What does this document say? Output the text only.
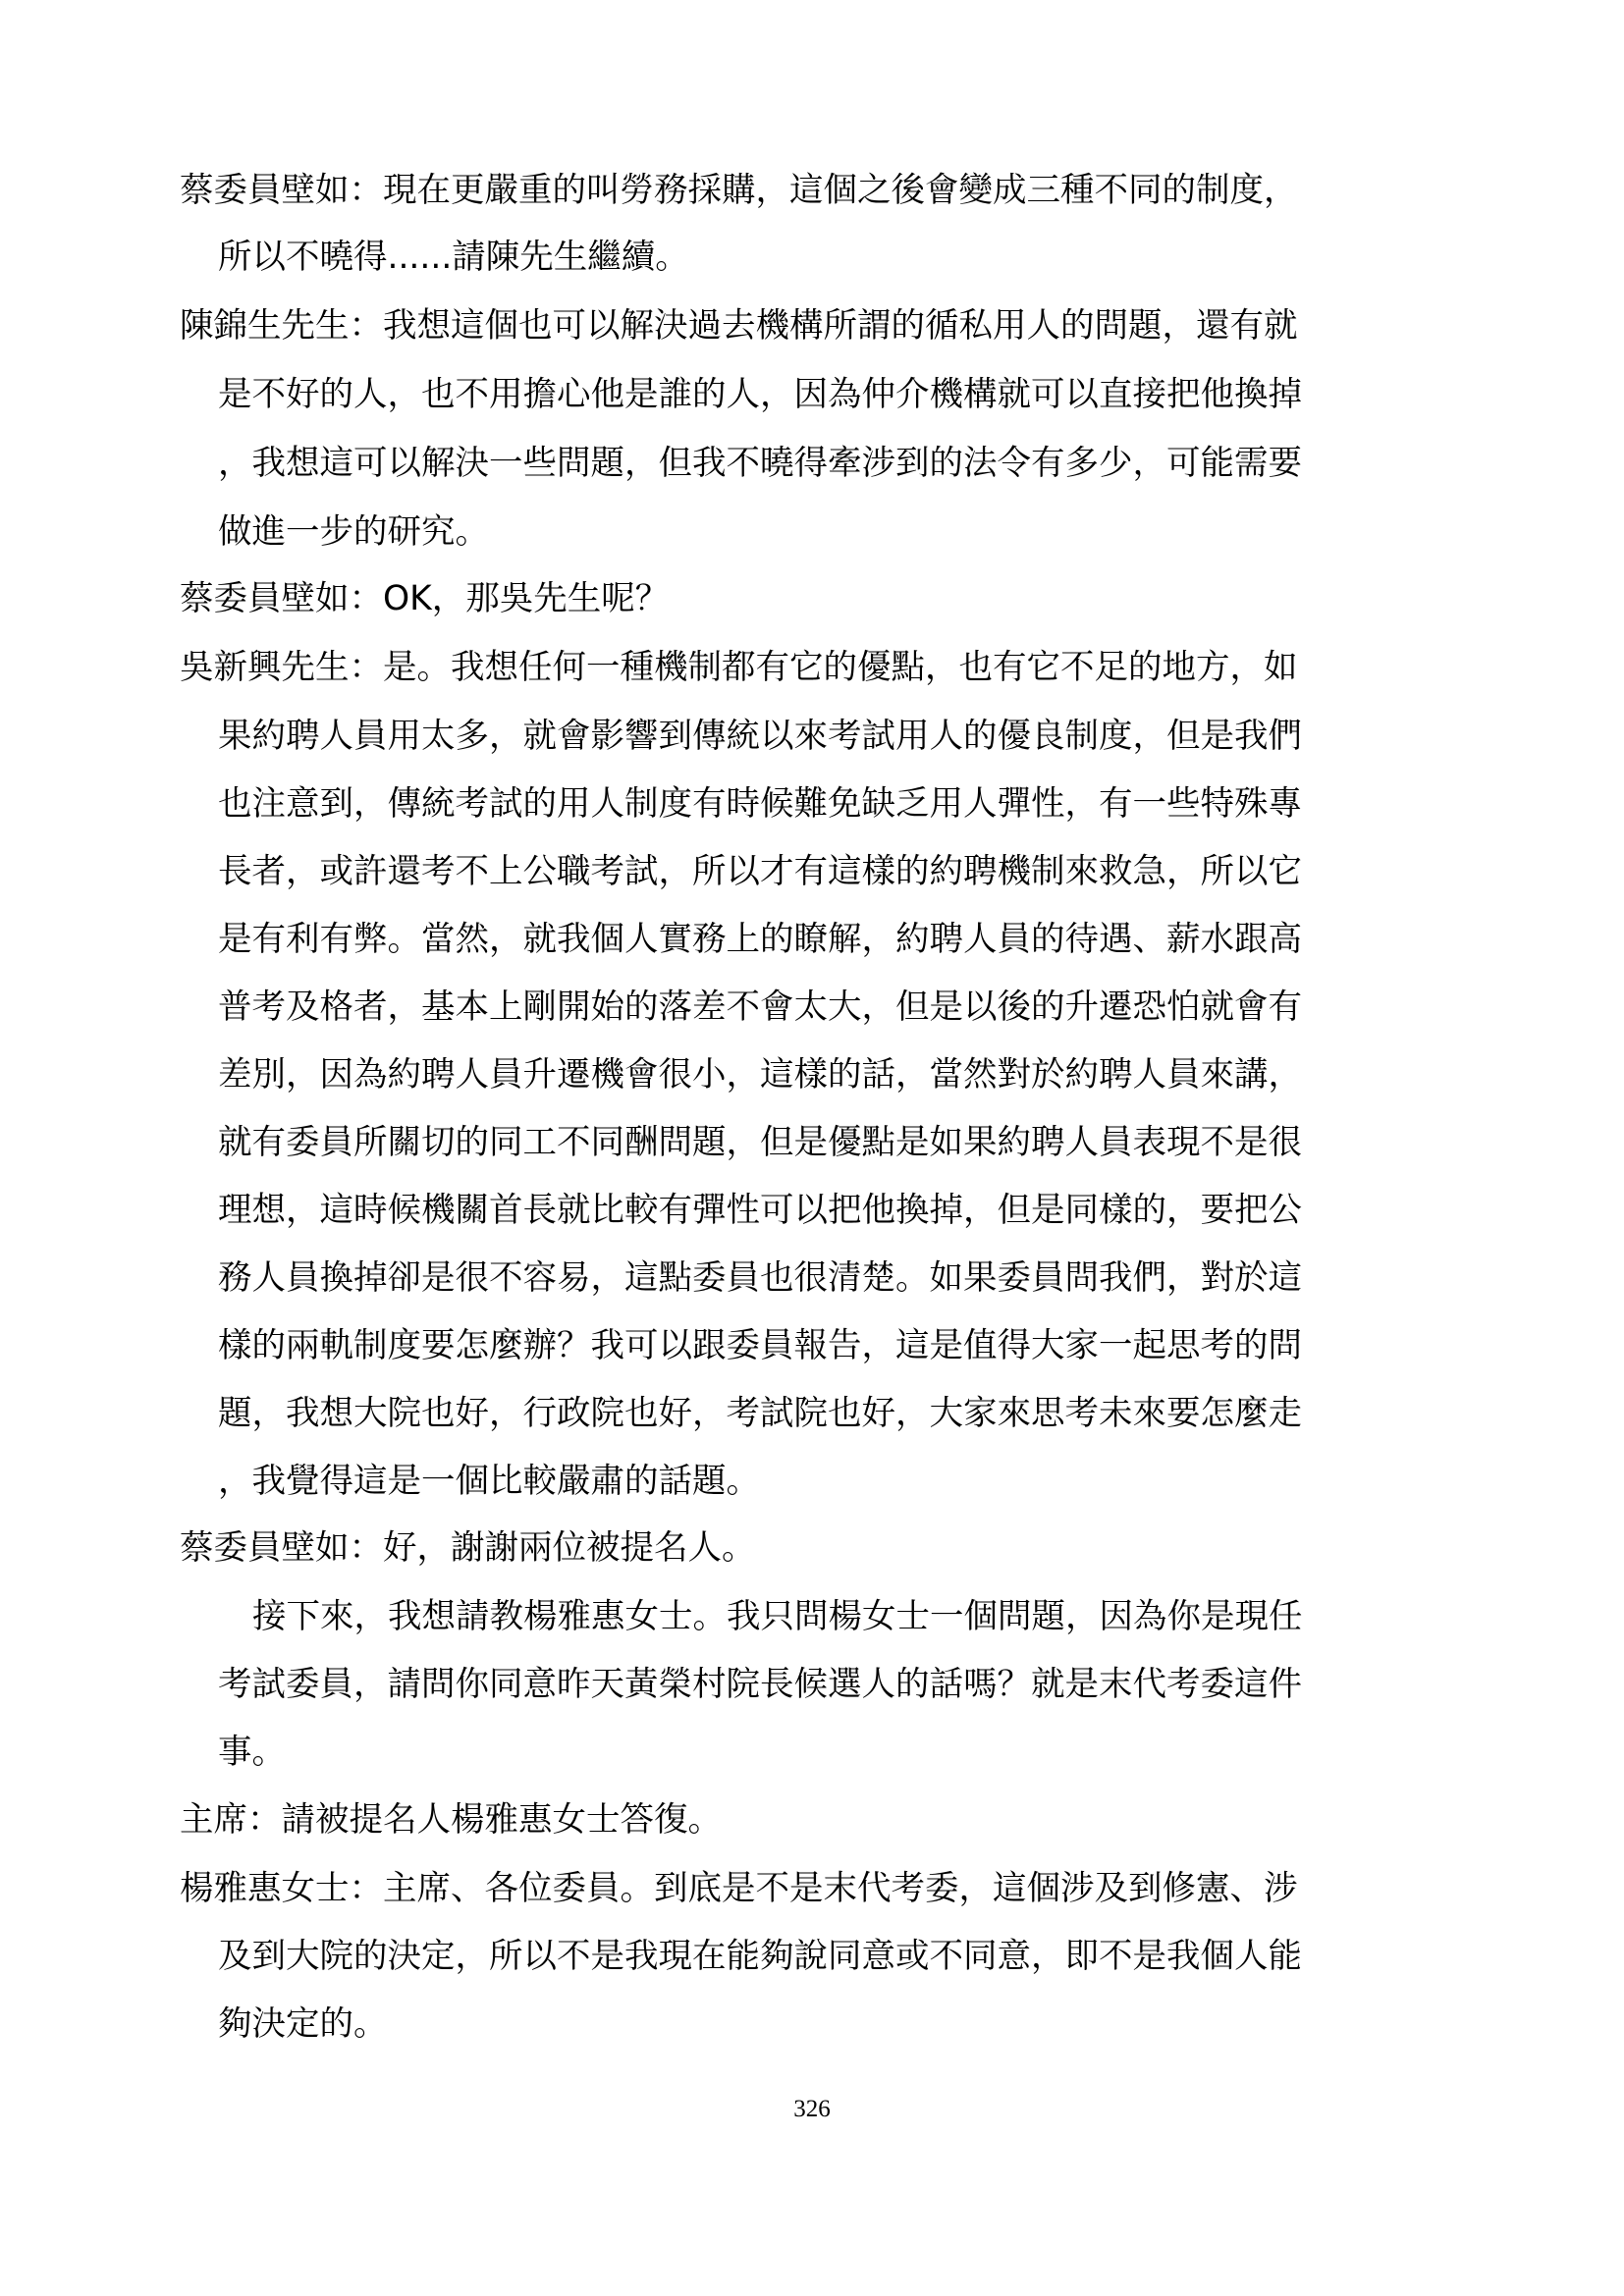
蔡委員壁如：現在更嚴重的叫勞務採購，這個之後會變成三種不同的制度，

所以不曉得......請陳先生繼續。

陳錦生先生：我想這個也可以解決過去機構所謂的循私用人的問題，還有就

是不好的人，也不用擔心他是誰的人，因為仲介機構就可以直接把他換掉

，我想這可以解決一些問題，但我不曉得牽涉到的法令有多少，可能需要

做進一步的研究。

蔡委員壁如：OK，那吳先生呢？

吳新興先生：是。我想任何一種機制都有它的優點，也有它不足的地方，如

果約聘人員用太多，就會影響到傳統以來考試用人的優良制度，但是我們

也注意到，傳統考試的用人制度有時候難免缺乏用人彈性，有一些特殊專

長者，或許還考不上公職考試，所以才有這樣的約聘機制來救急，所以它

是有利有弊。當然，就我個人實務上的瞭解，約聘人員的待遇、薪水跟高

普考及格者，基本上剛開始的落差不會太大，但是以後的升遷恐怕就會有

差別，因為約聘人員升遷機會很小，這樣的話，當然對於約聘人員來講，

就有委員所關切的同工不同酬問題，但是優點是如果約聘人員表現不是很

理想，這時候機關首長就比較有彈性可以把他換掉，但是同樣的，要把公

務人員換掉卻是很不容易，這點委員也很清楚。如果委員問我們，對於這

樣的兩軌制度要怎麼辦？我可以跟委員報告，這是值得大家一起思考的問

題，我想大院也好，行政院也好，考試院也好，大家來思考未來要怎麼走

，我覺得這是一個比較嚴肅的話題。

蔡委員壁如：好，謝謝兩位被提名人。

接下來，我想請教楊雅惠女士。我只問楊女士一個問題，因為你是現任

考試委員，請問你同意昨天黃榮村院長候選人的話嗎？就是末代考委這件

事。

主席：請被提名人楊雅惠女士答復。

楊雅惠女士：主席、各位委員。到底是不是末代考委，這個涉及到修憲、涉

及到大院的決定，所以不是我現在能夠說同意或不同意，即不是我個人能

夠決定的。

326
